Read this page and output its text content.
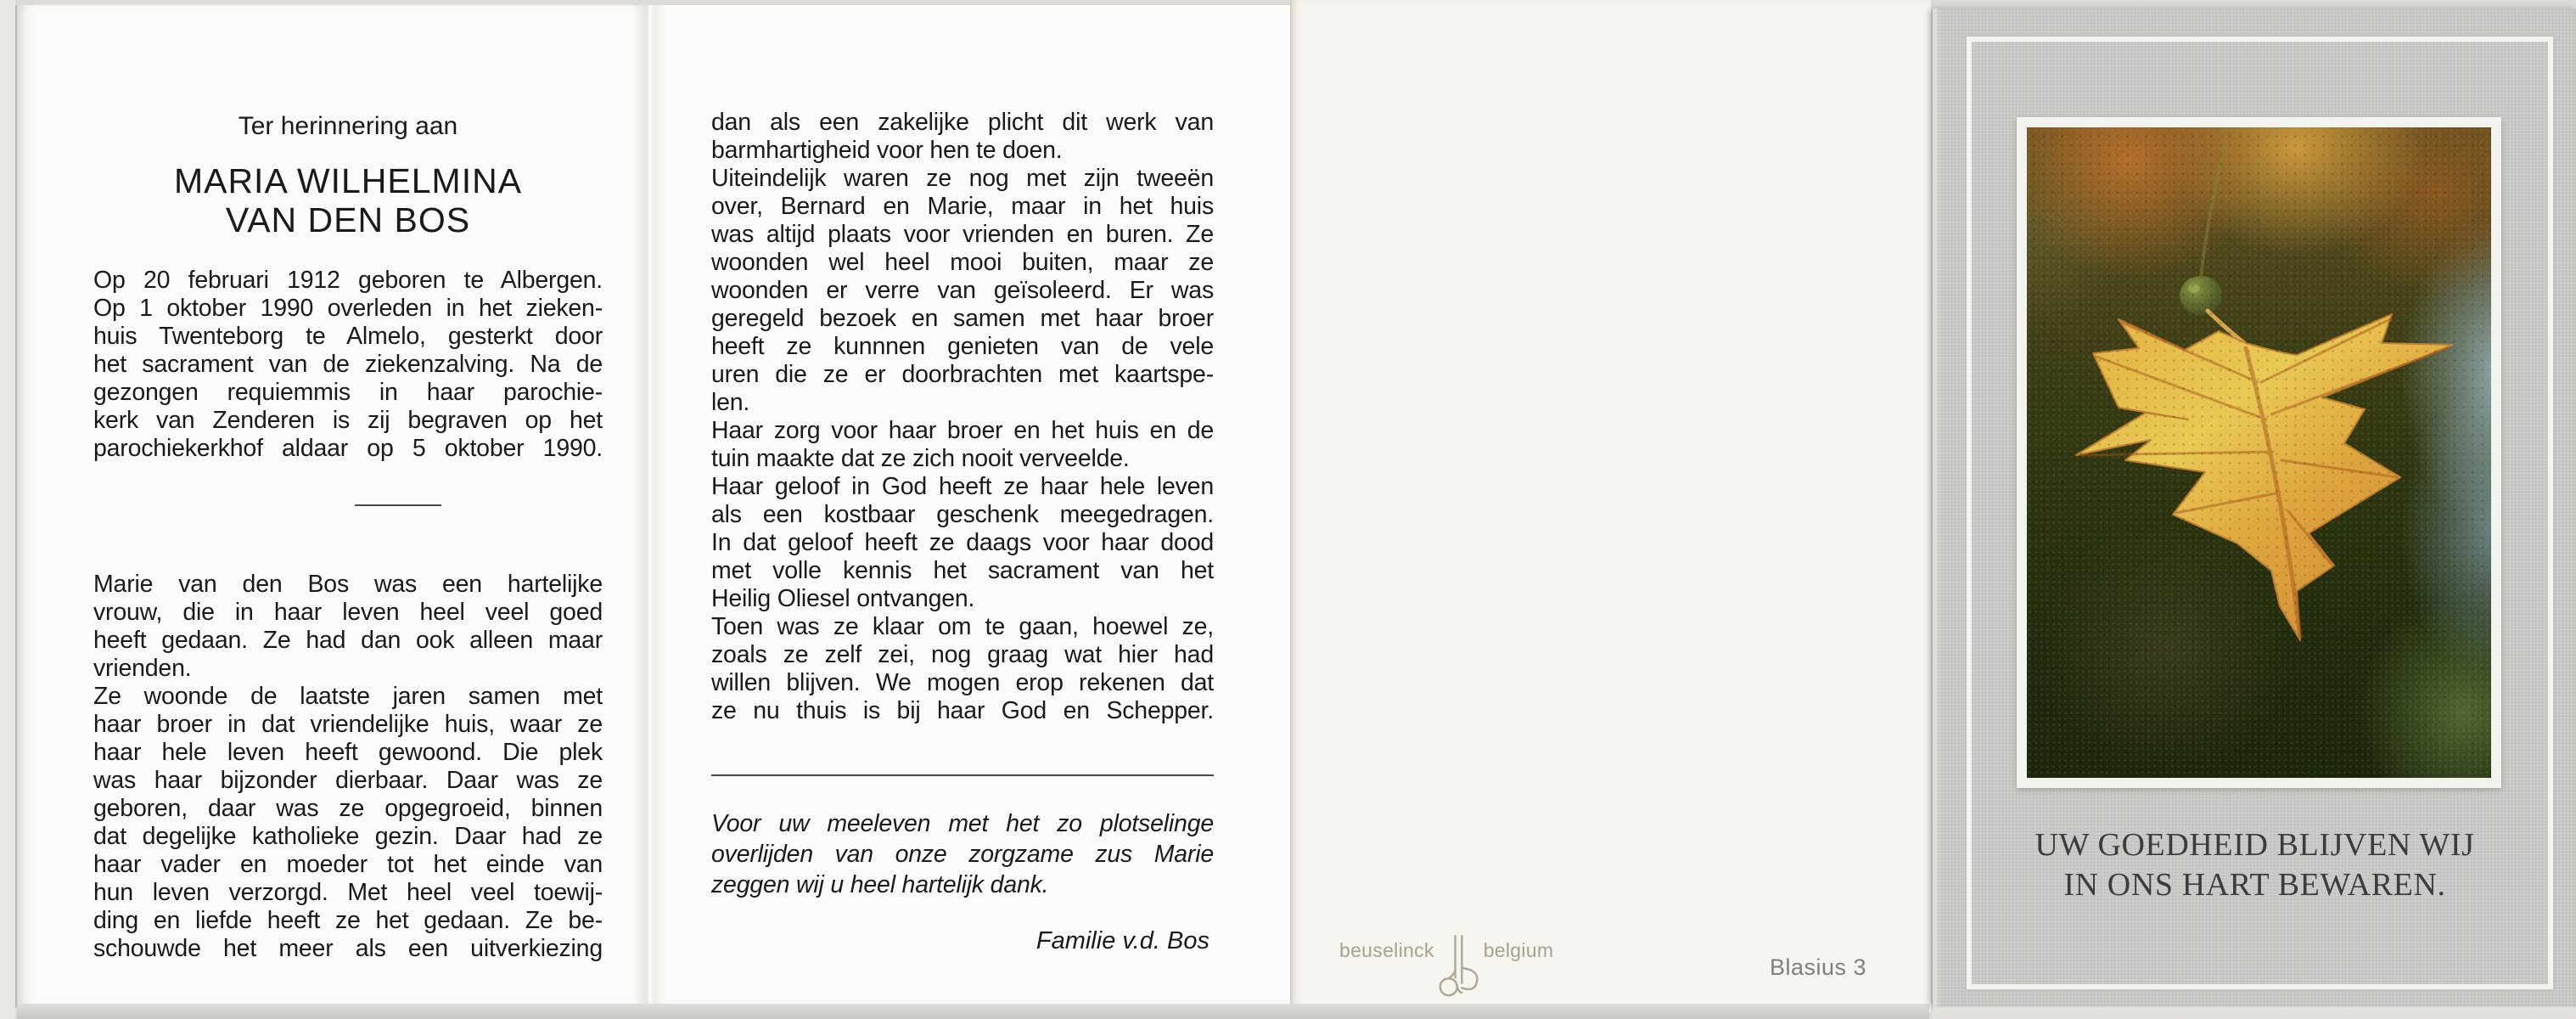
Ter herinnering aan
MARIA WILHELMINA
VAN DEN BOS
Op 20 februari 1912 geboren te Albergen.
Op 1 oktober 1990 overleden in het zieken-
huis Twenteborg te Almelo, gesterkt door
het sacrament van de ziekenzalving. Na de
gezongen requiemmis in haar parochie-
kerk van Zenderen is zij begraven op het
parochiekerkhof aldaar op 5 oktober 1990.
Marie van den Bos was een hartelijke
vrouw, die in haar leven heel veel goed
heeft gedaan. Ze had dan ook alleen maar
vrienden.
Ze woonde de laatste jaren samen met
haar broer in dat vriendelijke huis, waar ze
haar hele leven heeft gewoond. Die plek
was haar bijzonder dierbaar. Daar was ze
geboren, daar was ze opgegroeid, binnen
dat degelijke katholieke gezin. Daar had ze
haar vader en moeder tot het einde van
hun leven verzorgd. Met heel veel toewij-
ding en liefde heeft ze het gedaan. Ze be-
schouwde het meer als een uitverkiezing
dan als een zakelijke plicht dit werk van
barmhartigheid voor hen te doen.
Uiteindelijk waren ze nog met zijn tweeën
over, Bernard en Marie, maar in het huis
was altijd plaats voor vrienden en buren. Ze
woonden wel heel mooi buiten, maar ze
woonden er verre van geïsoleerd. Er was
geregeld bezoek en samen met haar broer
heeft ze kunnnen genieten van de vele
uren die ze er doorbrachten met kaartspe-
len.
Haar zorg voor haar broer en het huis en de
tuin maakte dat ze zich nooit verveelde.
Haar geloof in God heeft ze haar hele leven
als een kostbaar geschenk meegedragen.
In dat geloof heeft ze daags voor haar dood
met volle kennis het sacrament van het
Heilig Oliesel ontvangen.
Toen was ze klaar om te gaan, hoewel ze,
zoals ze zelf zei, nog graag wat hier had
willen blijven. We mogen erop rekenen dat
ze nu thuis is bij haar God en Schepper.
Voor uw meeleven met het zo plotselinge
overlijden van onze zorgzame zus Marie
zeggen wij u heel hartelijk dank.
Familie v.d. Bos	beuselinck	belgium
Blasius 3
UW GOEDHEID BLIJVEN WIJ
IN ONS HART BEWAREN.
